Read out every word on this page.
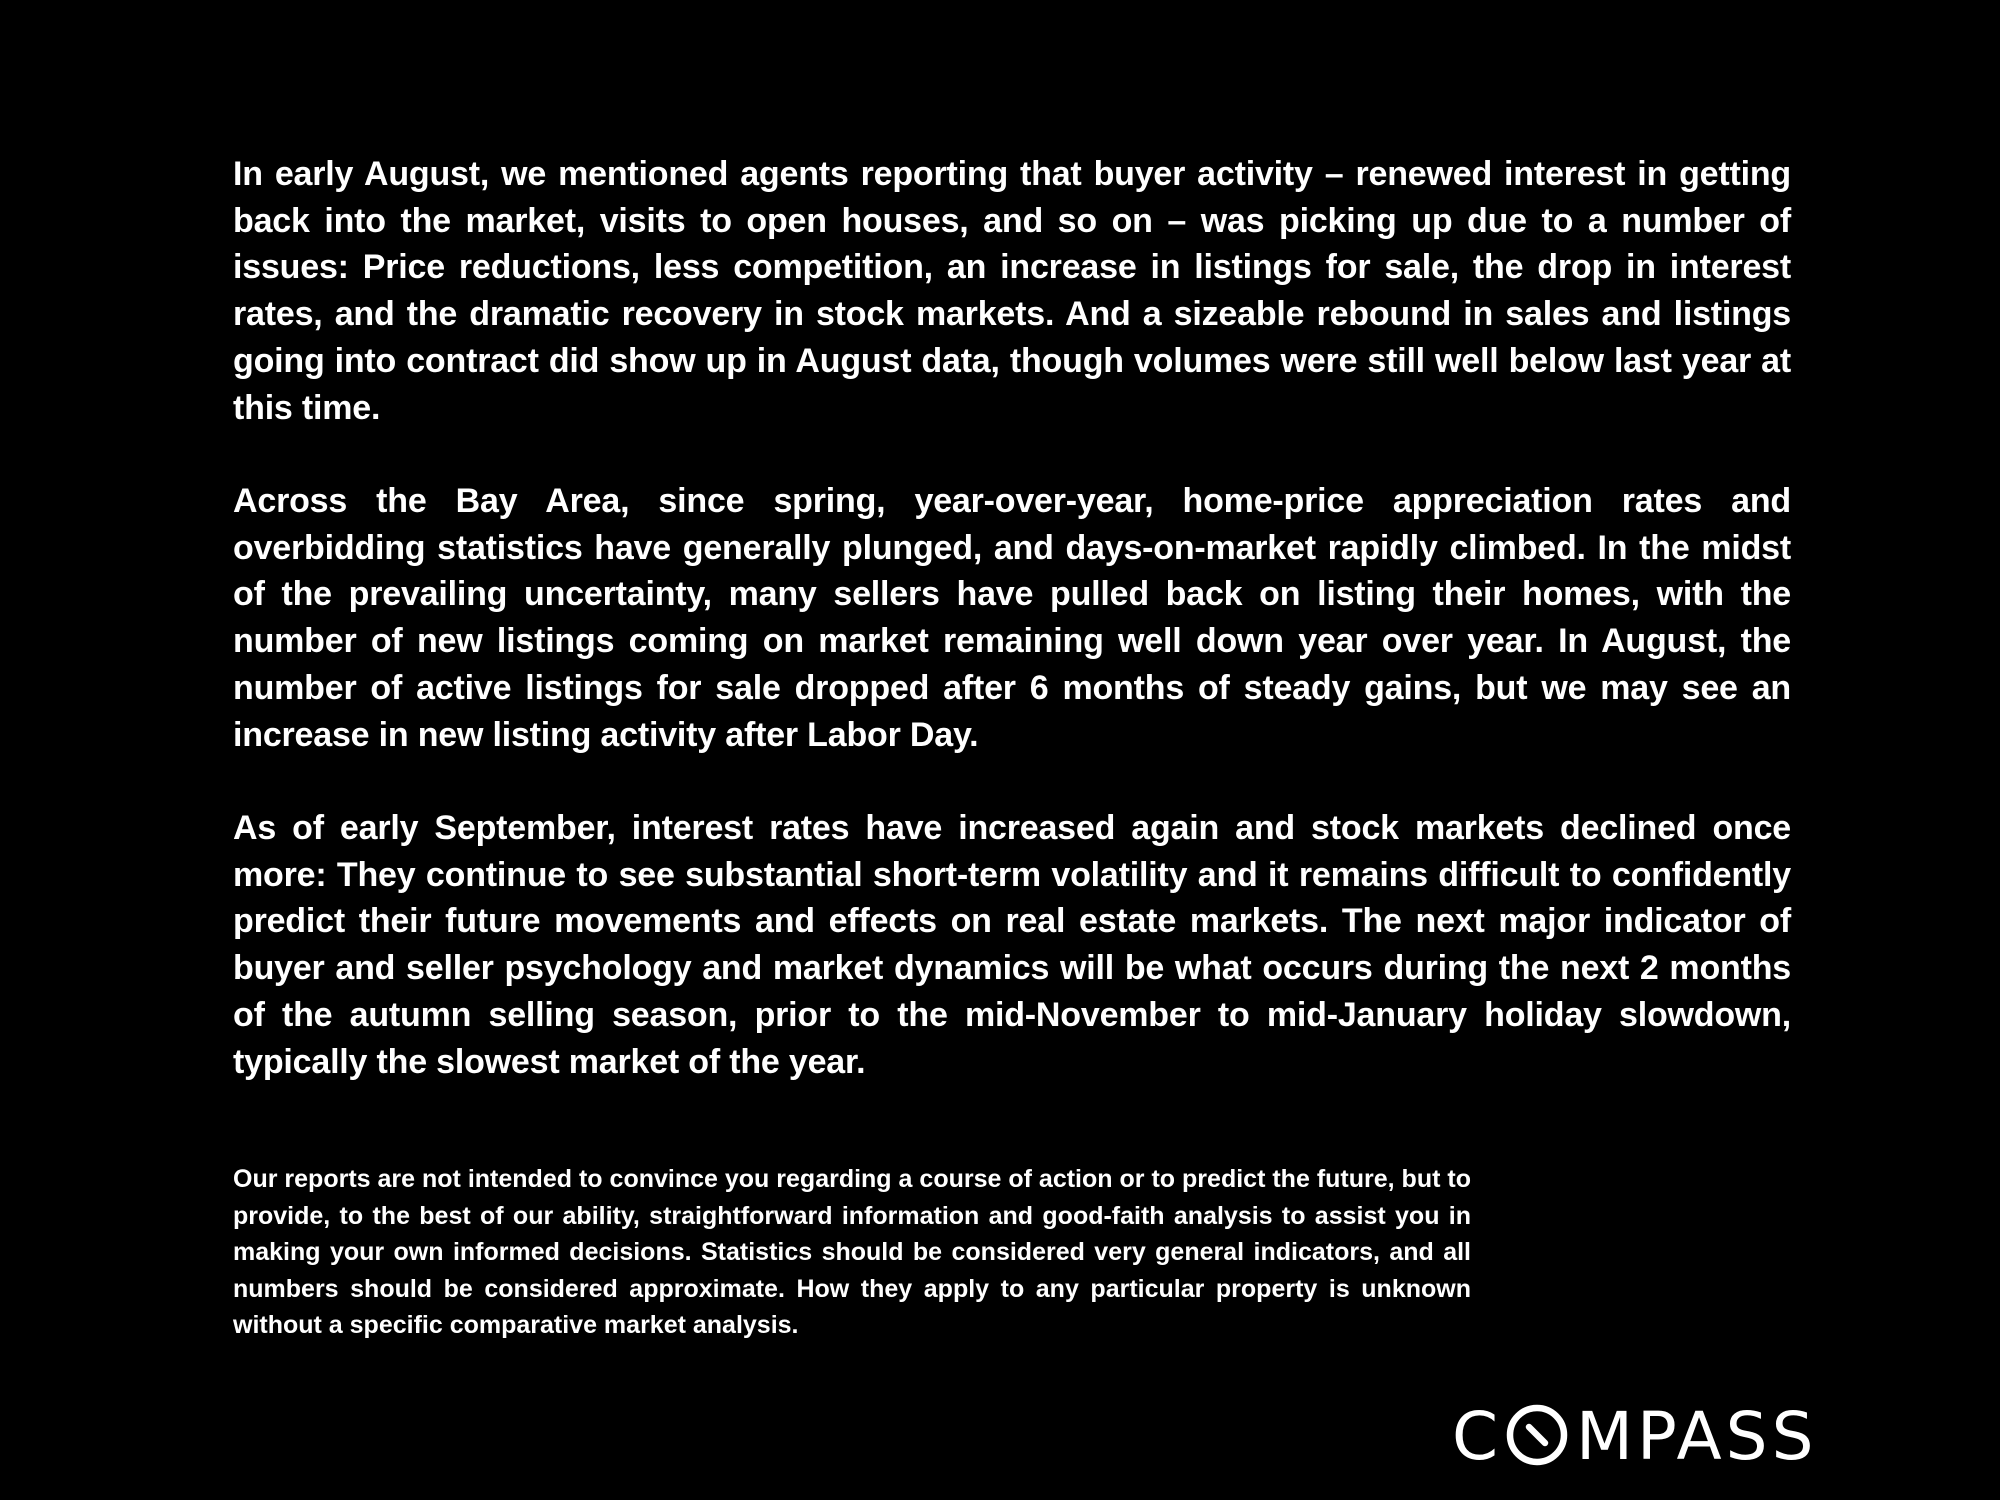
In early August, we mentioned agents reporting that buyer activity – renewed interest in getting back into the market, visits to open houses, and so on – was picking up due to a number of issues: Price reductions, less competition, an increase in listings for sale, the drop in interest rates, and the dramatic recovery in stock markets. And a sizeable rebound in sales and listings going into contract did show up in August data, though volumes were still well below last year at this time.

Across the Bay Area, since spring, year-over-year, home-price appreciation rates and overbidding statistics have generally plunged, and days-on-market rapidly climbed. In the midst of the prevailing uncertainty, many sellers have pulled back on listing their homes, with the number of new listings coming on market remaining well down year over year. In August, the number of active listings for sale dropped after 6 months of steady gains, but we may see an increase in new listing activity after Labor Day.

As of early September, interest rates have increased again and stock markets declined once more: They continue to see substantial short-term volatility and it remains difficult to confidently predict their future movements and effects on real estate markets. The next major indicator of buyer and seller psychology and market dynamics will be what occurs during the next 2 months of the autumn selling season, prior to the mid-November to mid-January holiday slowdown, typically the slowest market of the year.

Our reports are not intended to convince you regarding a course of action or to predict the future, but to provide, to the best of our ability, straightforward information and good-faith analysis to assist you in making your own informed decisions. Statistics should be considered very general indicators, and all numbers should be considered approximate. How they apply to any particular property is unknown without a specific comparative market analysis.

C MPASS
